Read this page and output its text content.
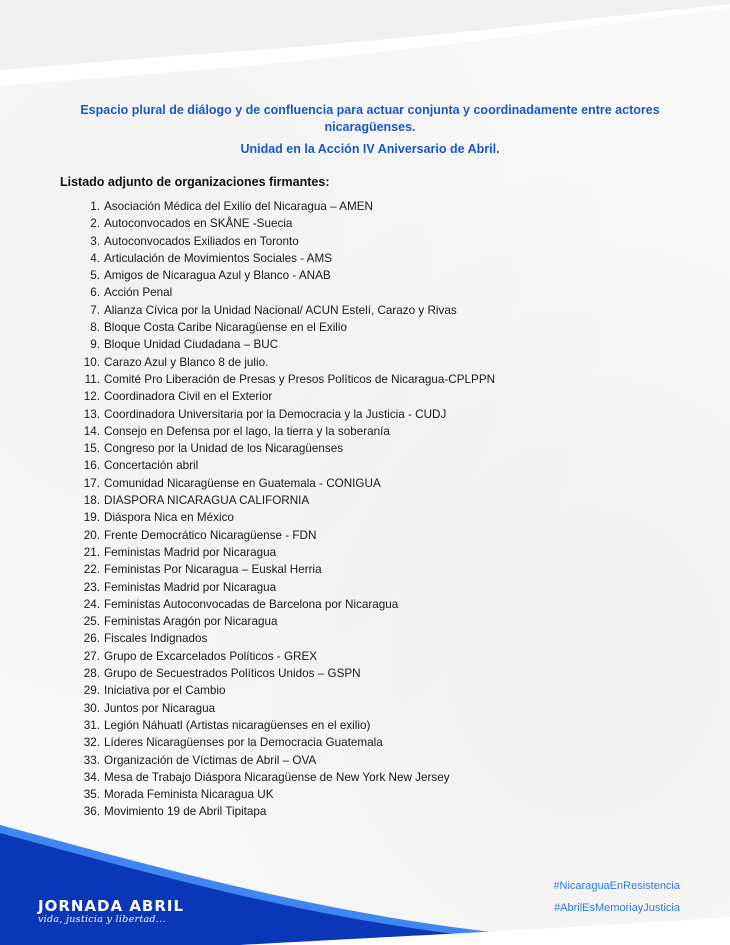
Espacio plural de diálogo y de confluencia para actuar conjunta y coordinadamente entre actores nicaragüenses.
Unidad en la Acción IV Aniversario de Abril.
Listado adjunto de organizaciones firmantes:
1. Asociación Médica del Exilio del Nicaragua – AMEN
2. Autoconvocados en SKÅNE -Suecia
3. Autoconvocados Exiliados en Toronto
4. Articulación de Movimientos Sociales - AMS
5. Amigos de Nicaragua Azul y Blanco - ANAB
6. Acción Penal
7. Alianza Cívica por la Unidad Nacional/ ACUN Estelí, Carazo y Rivas
8. Bloque Costa Caribe Nicaragüense en el Exilio
9. Bloque Unidad Ciudadana – BUC
10. Carazo Azul y Blanco 8 de julio.
11. Comité Pro Liberación de Presas y Presos Políticos de Nicaragua-CPLPPN
12. Coordinadora Civil en el Exterior
13. Coordinadora Universitaria por la Democracia y la Justicia - CUDJ
14. Consejo en Defensa por el lago, la tierra y la soberanía
15. Congreso por la Unidad de los Nicaragüenses
16. Concertación abril
17. Comunidad Nicaragüense en Guatemala - CONIGUA
18. DIASPORA NICARAGUA CALIFORNIA
19. Diáspora Nica en México
20. Frente Democrático Nicaragüense - FDN
21. Feministas Madrid por Nicaragua
22. Feministas Por Nicaragua – Euskal Herria
23. Feministas Madrid por Nicaragua
24. Feministas Autoconvocadas de Barcelona por Nicaragua
25. Feministas Aragón por Nicaragua
26. Fiscales Indignados
27. Grupo de Excarcelados Políticos - GREX
28. Grupo de Secuestrados Políticos Unidos – GSPN
29. Iniciativa por el Cambio
30. Juntos por Nicaragua
31. Legión Náhuatl (Artistas nicaragüenses en el exilio)
32. Líderes Nicaragüenses por la Democracia Guatemala
33. Organización de Víctimas de Abril – OVA
34. Mesa de Trabajo Diáspora Nicaragüense de New York New Jersey
35. Morada Feminista Nicaragua UK
36. Movimiento 19 de Abril Tipitapa
JORNADA ABRIL
vida, justicia y libertad...
#NicaraguaEnResistencia
#AbrilEsMemoriayJusticia
